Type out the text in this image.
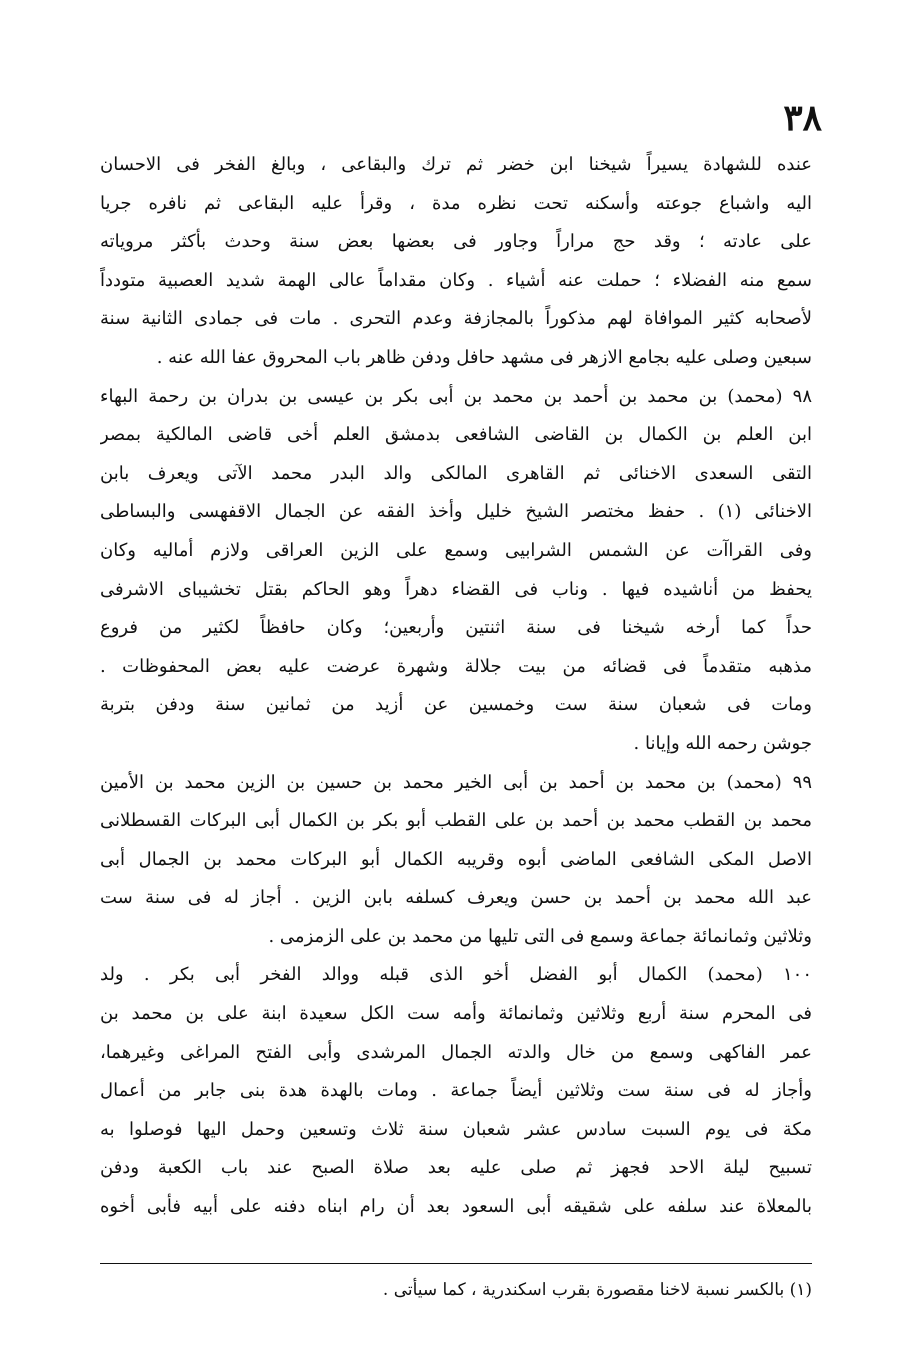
٣٨
عنده للشهادة يسيراً شيخنا ابن خضر ثم ترك والبقاعى ، وبالغ الفخر فى الاحسان
اليه واشباع جوعته وأسكنه تحت نظره مدة ، وقرأ عليه البقاعى ثم نافره جريا
على عادته ؛ وقد حج مراراً وجاور فى بعضها بعض سنة وحدث بأكثر مروياته
سمع منه الفضلاء ؛ حملت عنه أشياء . وكان مقداماً عالى الهمة شديد العصبية متودداً
لأصحابه كثير الموافاة لهم مذكوراً بالمجازفة وعدم التحرى . مات فى جمادى الثانية سنة
سبعين وصلى عليه بجامع الازهر فى مشهد حافل ودفن ظاهر باب المحروق عفا الله عنه .
٩٨ (محمد) بن محمد بن أحمد بن محمد بن أبى بكر بن عيسى بن بدران بن رحمة البهاء
ابن العلم بن الكمال بن القاضى الشافعى بدمشق العلم أخى قاضى المالكية بمصر
التقى السعدى الاخنائى ثم القاهرى المالكى والد البدر محمد الآتى ويعرف بابن
الاخنائى (١) . حفظ مختصر الشيخ خليل وأخذ الفقه عن الجمال الاقفهسى والبساطى
وفى القراآت عن الشمس الشرابيى وسمع على الزين العراقى ولازم أماليه وكان
يحفظ من أناشيده فيها . وناب فى القضاء دهراً وهو الحاكم بقتل تخشيباى الاشرفى
حداً كما أرخه شيخنا فى سنة اثنتين وأربعين؛ وكان حافظاً لكثير من فروع
مذهبه متقدماً فى قضائه من بيت جلالة وشهرة عرضت عليه بعض المحفوظات .
ومات فى شعبان سنة ست وخمسين عن أزيد من ثمانين سنة ودفن بتربة
جوشن رحمه الله وإيانا .
٩٩ (محمد) بن محمد بن أحمد بن أبى الخير محمد بن حسين بن الزين محمد بن الأمين
محمد بن القطب محمد بن أحمد بن على القطب أبو بكر بن الكمال أبى البركات القسطلانى
الاصل المكى الشافعى الماضى أبوه وقريبه الكمال أبو البركات محمد بن الجمال أبى
عبد الله محمد بن أحمد بن حسن ويعرف كسلفه بابن الزين . أجاز له فى سنة ست
وثلاثين وثمانمائة جماعة وسمع فى التى تليها من محمد بن على الزمزمى .
١٠٠ (محمد) الكمال أبو الفضل أخو الذى قبله ووالد الفخر أبى بكر . ولد
فى المحرم سنة أربع وثلاثين وثمانمائة وأمه ست الكل سعيدة ابنة على بن محمد بن
عمر الفاكهى وسمع من خال والدته الجمال المرشدى وأبى الفتح المراغى وغيرهما،
وأجاز له فى سنة ست وثلاثين أيضاً جماعة . ومات بالهدة هدة بنى جابر من أعمال
مكة فى يوم السبت سادس عشر شعبان سنة ثلاث وتسعين وحمل اليها فوصلوا به
تسبيح ليلة الاحد فجهز ثم صلى عليه بعد صلاة الصبح عند باب الكعبة ودفن
بالمعلاة عند سلفه على شقيقه أبى السعود بعد أن رام ابناه دفنه على أبيه فأبى أخوه
(١) بالكسر نسبة لاخنا مقصورة بقرب اسكندرية ، كما سيأتى .
